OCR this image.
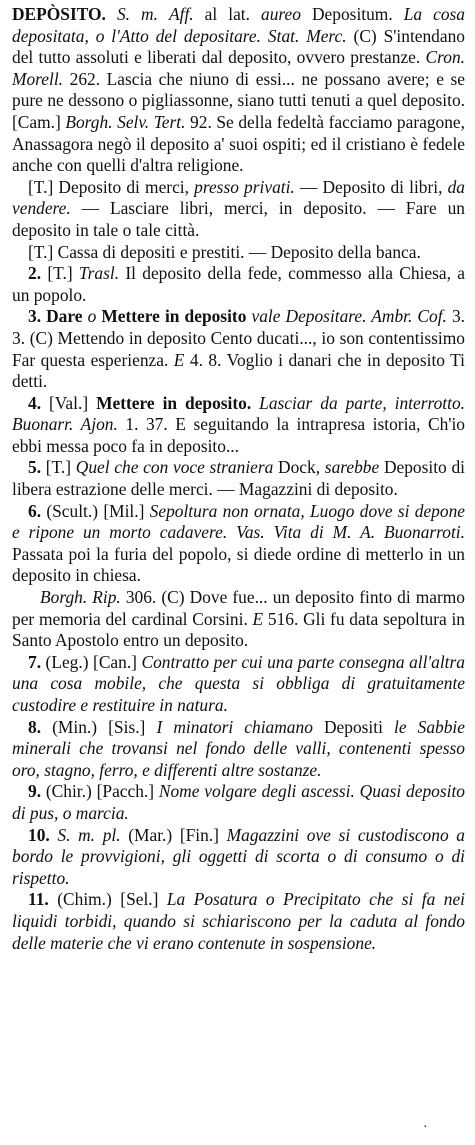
DEPÒSITO. S. m. Aff. al lat. aureo Depositum. La cosa depositata, o l'Atto del depositare. Stat. Merc. (C) S'intendano del tutto assoluti e liberati dal deposito, ovvero prestanze. Cron. Morell. 262. Lascia che niuno di essi... ne possano avere; e se pure ne dessono o pigliassonne, siano tutti tenuti a quel deposito. [Cam.] Borgh. Selv. Tert. 92. Se della fedeltà facciamo paragone, Anassagora negò il deposito a' suoi ospiti; ed il cristiano è fedele anche con quelli d'altra religione.

[T.] Deposito di merci, presso privati. — Deposito di libri, da vendere. — Lasciare libri, merci, in deposito. — Fare un deposito in tale o tale città.

[T.] Cassa di depositi e prestiti. — Deposito della banca.

2. [T.] Trasl. Il deposito della fede, commesso alla Chiesa, a un popolo.

3. Dare o Mettere in deposito vale Depositare. Ambr. Cof. 3. 3. (C) Mettendo in deposito Cento ducati..., io son contentissimo Far questa esperienza. E 4. 8. Voglio i danari che in deposito Ti detti.

4. [Val.] Mettere in deposito. Lasciar da parte, interrotto. Buonarr. Ajon. 1. 37. E seguitando la intrapresa istoria, Ch'io ebbi messa poco fa in deposito...

5. [T.] Quel che con voce straniera Dock, sarebbe Deposito di libera estrazione delle merci. — Magazzini di deposito.

6. (Scult.) [Mil.] Sepoltura non ornata, Luogo dove si depone e ripone un morto cadavere. Vas. Vita di M. A. Buonarroti. Passata poi la furia del popolo, si diede ordine di metterlo in un deposito in chiesa.

Borgh. Rip. 306. (C) Dove fue... un deposito finto di marmo per memoria del cardinal Corsini. E 516. Gli fu data sepoltura in Santo Apostolo entro un deposito.

7. (Leg.) [Can.] Contratto per cui una parte consegna all'altra una cosa mobile, che questa si obbliga di gratuitamente custodire e restituire in natura.

8. (Min.) [Sis.] I minatori chiamano Depositi le Sabbie minerali che trovansi nel fondo delle valli, contenenti spesso oro, stagno, ferro, e differenti altre sostanze.

9. (Chir.) [Pacch.] Nome volgare degli ascessi. Quasi deposito di pus, o marcia.

10. S. m. pl. (Mar.) [Fin.] Magazzini ove si custodiscono a bordo le provvigioni, gli oggetti di scorta o di consumo o di rispetto.

11. (Chim.) [Sel.] La Posatura o Precipitato che si fa nei liquidi torbidi, quando si schiariscono per la caduta al fondo delle materie che vi erano contenute in sospensione.

.
